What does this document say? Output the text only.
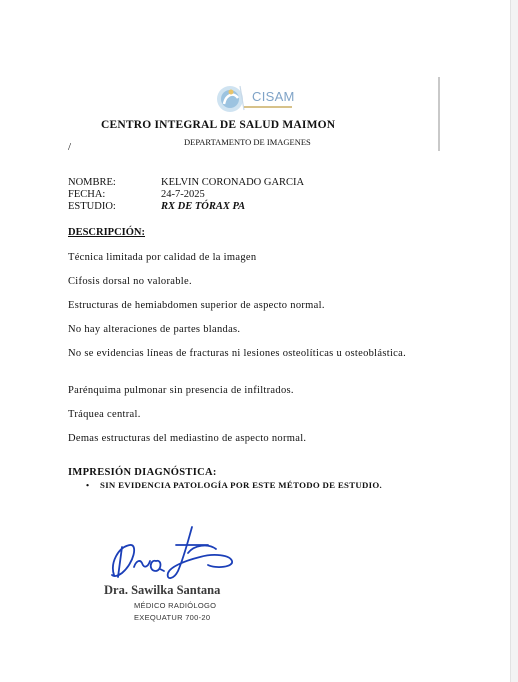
CISAM
CENTRO INTEGRAL DE SALUD MAIMON
DEPARTAMENTO DE IMAGENES
/
NOMBRE:	KELVIN CORONADO GARCIA
FECHA:	24-7-2025
ESTUDIO:	RX DE TÓRAX PA
DESCRIPCIÓN:
Técnica limitada por calidad de la imagen
Cifosis dorsal no valorable.
Estructuras de hemiabdomen superior de aspecto normal.
No hay alteraciones de partes blandas.
No se evidencias líneas de fracturas ni lesiones osteolíticas u osteoblástica.
Parénquima pulmonar sin presencia de infiltrados.
Tráquea central.
Demas estructuras del mediastino de aspecto normal.
IMPRESIÓN DIAGNÓSTICA:
• SIN EVIDENCIA PATOLOGÍA POR ESTE MÉTODO DE ESTUDIO.
Dra. Santana
Dra. Sawilka Santana
MÉDICO RADIÓLOGO
EXEQUATUR 700-20
